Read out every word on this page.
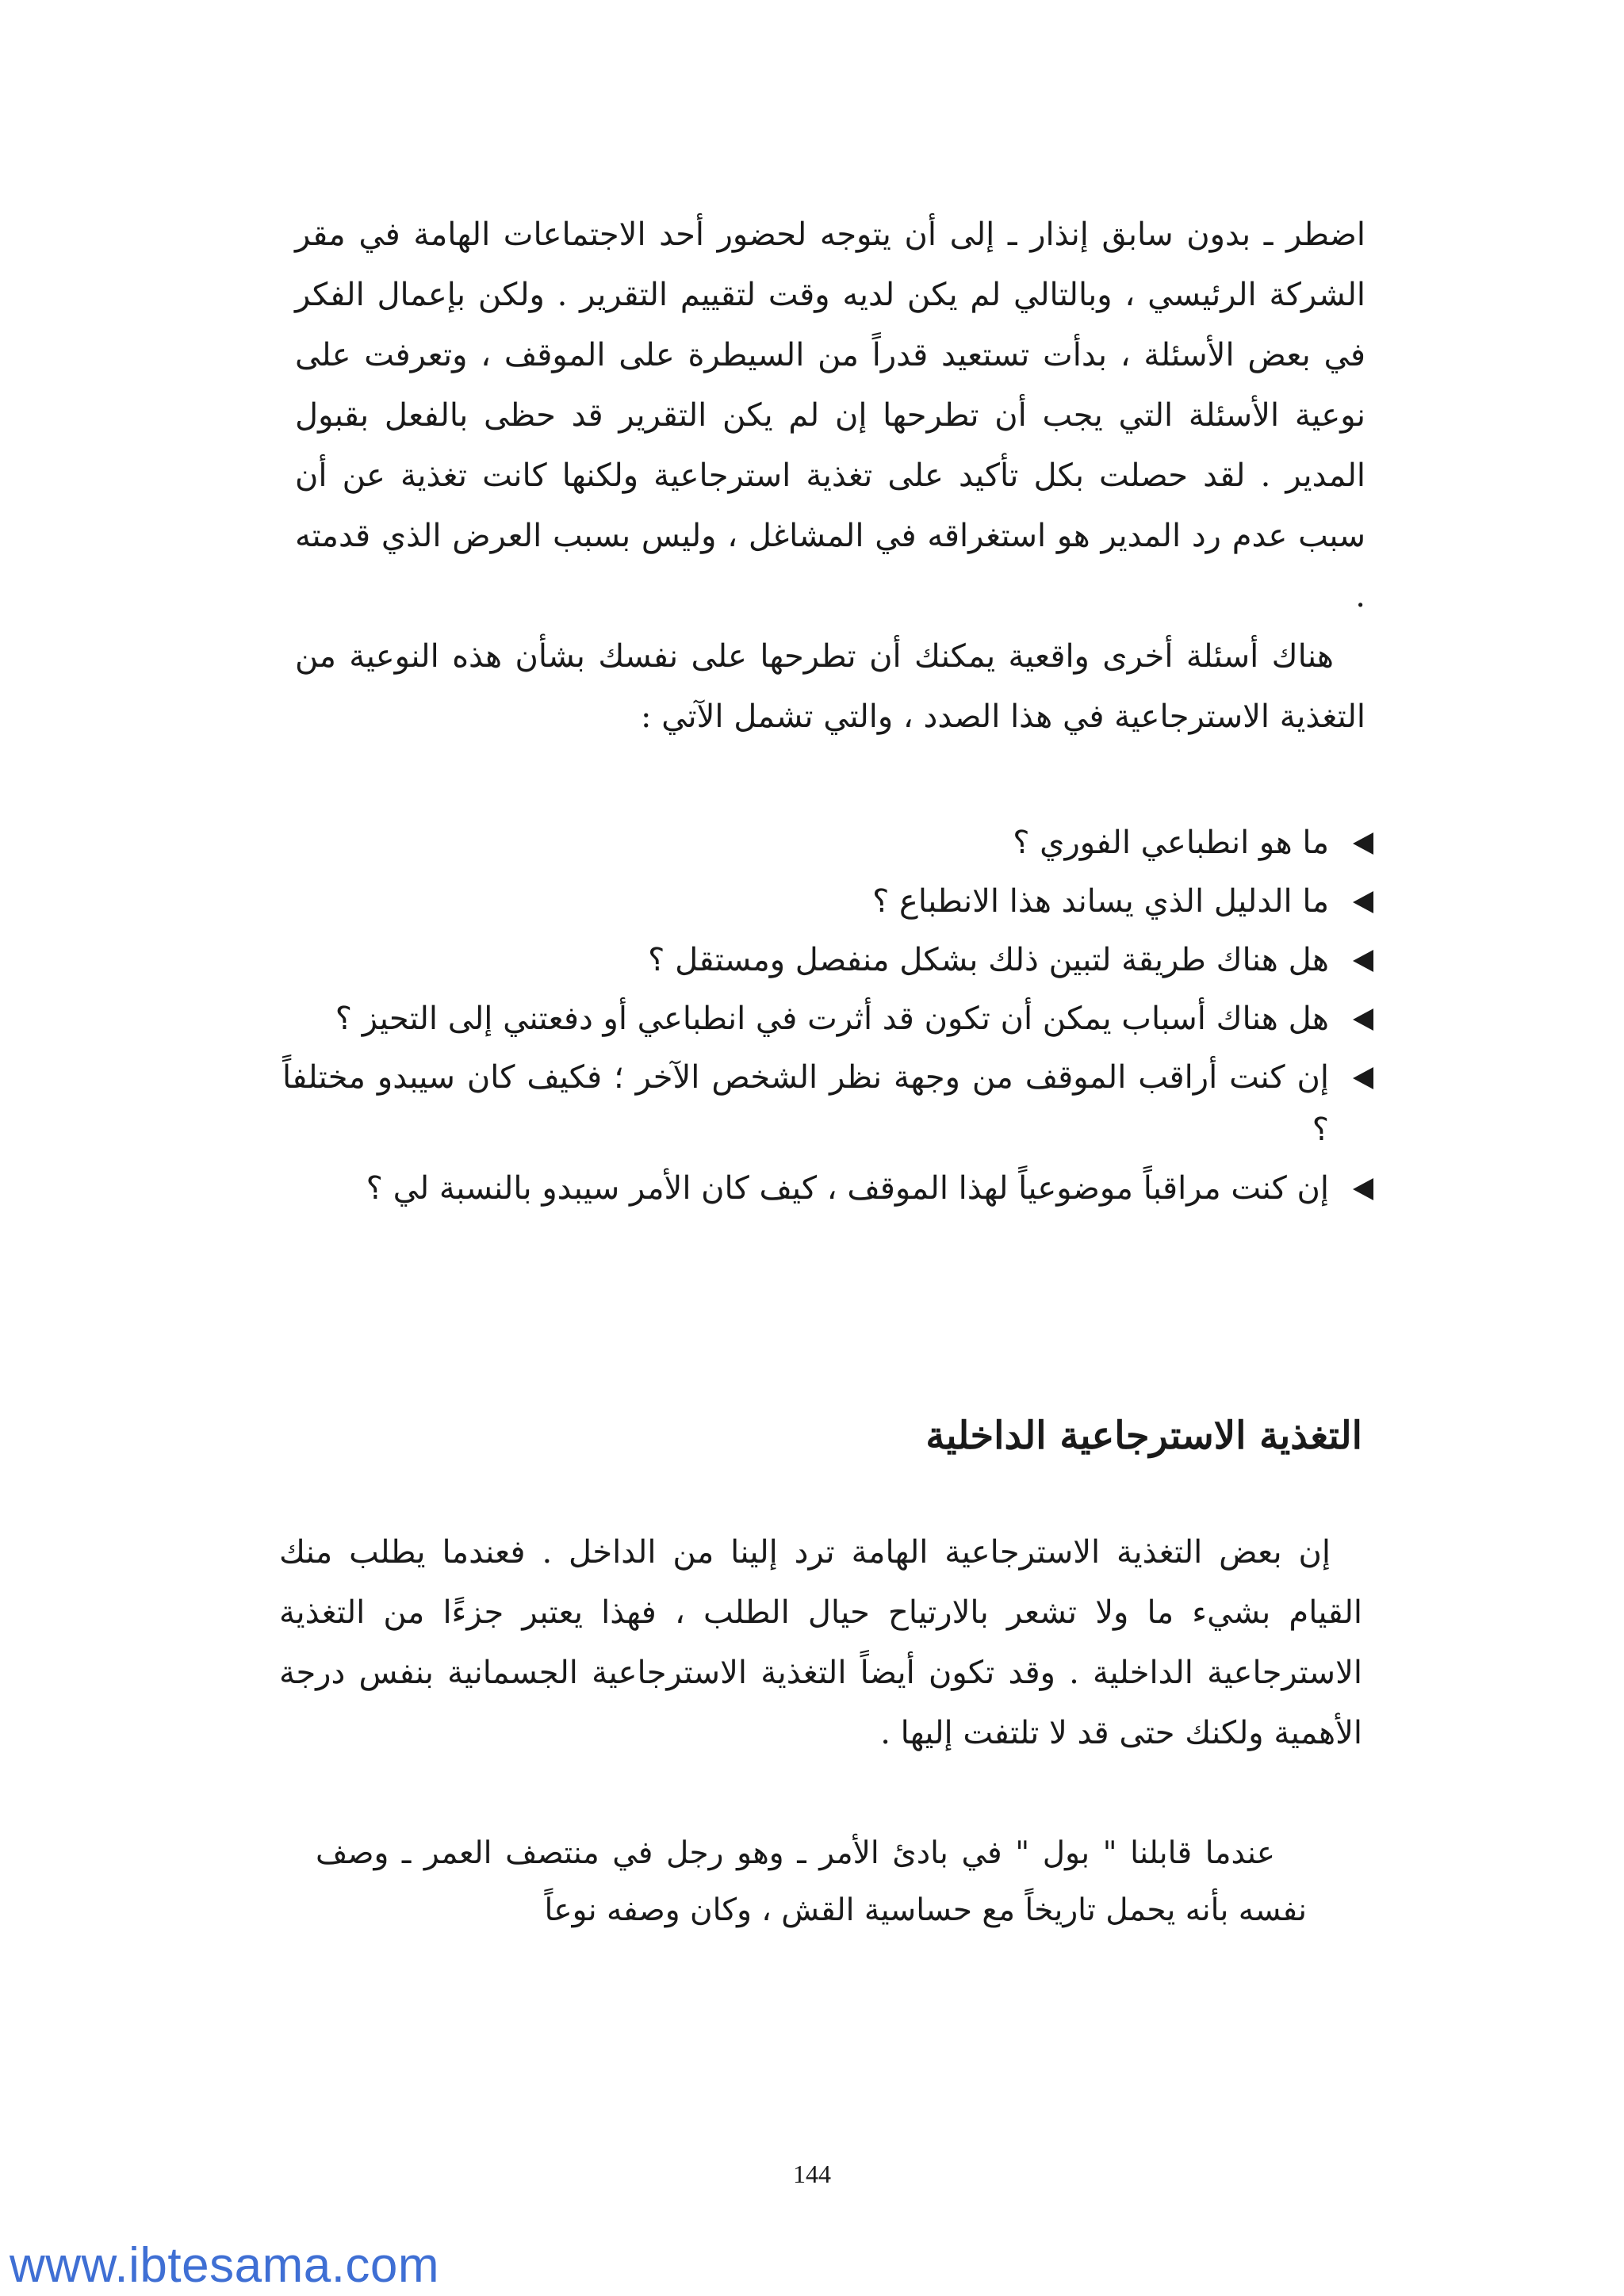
اضطر ـ بدون سابق إنذار ـ إلى أن يتوجه لحضور أحد الاجتماعات الهامة في مقر الشركة الرئيسي ، وبالتالي لم يكن لديه وقت لتقييم التقرير . ولكن بإعمال الفكر في بعض الأسئلة ، بدأت تستعيد قدراً من السيطرة على الموقف ، وتعرفت على نوعية الأسئلة التي يجب أن تطرحها إن لم يكن التقرير قد حظى بالفعل بقبول المدير . لقد حصلت بكل تأكيد على تغذية استرجاعية ولكنها كانت تغذية عن أن سبب عدم رد المدير هو استغراقه في المشاغل ، وليس بسبب العرض الذي قدمته .

هناك أسئلة أخرى واقعية يمكنك أن تطرحها على نفسك بشأن هذه النوعية من التغذية الاسترجاعية في هذا الصدد ، والتي تشمل الآتي :

ما هو انطباعي الفوري ؟
ما الدليل الذي يساند هذا الانطباع ؟
هل هناك طريقة لتبين ذلك بشكل منفصل ومستقل ؟
هل هناك أسباب يمكن أن تكون قد أثرت في انطباعي أو دفعتني إلى التحيز ؟
إن كنت أراقب الموقف من وجهة نظر الشخص الآخر ؛ فكيف كان سيبدو مختلفاً ؟
إن كنت مراقباً موضوعياً لهذا الموقف ، كيف كان الأمر سيبدو بالنسبة لي ؟
التغذية الاسترجاعية الداخلية

إن بعض التغذية الاسترجاعية الهامة ترد إلينا من الداخل . فعندما يطلب منك القيام بشيء ما ولا تشعر بالارتياح حيال الطلب ، فهذا يعتبر جزءًا من التغذية الاسترجاعية الداخلية . وقد تكون أيضاً التغذية الاسترجاعية الجسمانية بنفس درجة الأهمية ولكنك حتى قد لا تلتفت إليها .

عندما قابلنا " بول " في بادئ الأمر ـ وهو رجل في منتصف العمر ـ وصف نفسه بأنه يحمل تاريخاً مع حساسية القش ، وكان وصفه نوعاً

144
www.ibtesama.com
